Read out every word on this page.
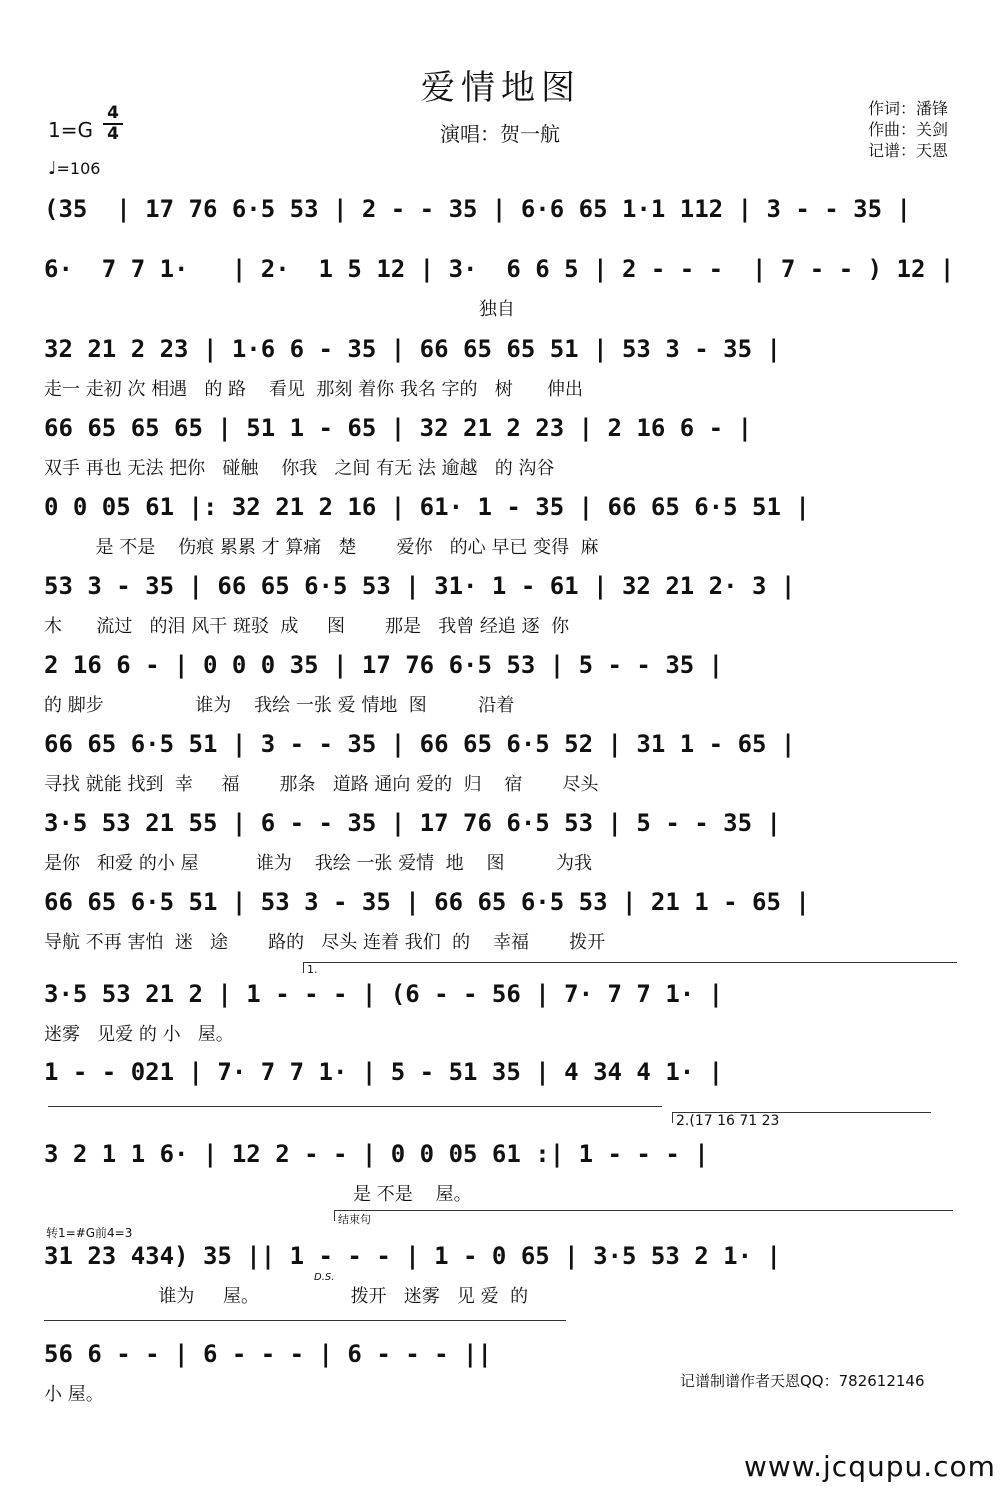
爱情地图
1=G
4
4
♩=106
演唱：贺一航
作词：潘锋
作曲：关剑
记谱：天恩
(35  | 17 76 6·5 53 | 2 - - 35 | 6·6 65 1·1 112 | 3 - - 35 |
6·  7 7 1·   | 2·  1 5 12 | 3·  6 6 5 | 2 - - -  | 7 - - ) 12 |
独自
32 21 2 23 | 1·6 6 - 35 | 66 65 65 51 | 53 3 - 35 |
走一 走初 次 相遇   的 路    看见  那刻 着你 我名 字的   树      伸出
66 65 65 65 | 51 1 - 65 | 32 21 2 23 | 2 16 6 - |
双手 再也 无法 把你   碰触    你我   之间 有无 法 逾越   的 沟谷
0 0 05 61 |: 32 21 2 16 | 61· 1 - 35 | 66 65 6·5 51 |
是 不是    伤痕 累累 才 算痛   楚       爱你   的心 早已 变得  麻
53 3 - 35 | 66 65 6·5 53 | 31· 1 - 61 | 32 21 2· 3 |
木      流过   的泪 风干 斑驳  成     图       那是   我曾 经追 逐  你
2 16 6 - | 0 0 0 35 | 17 76 6·5 53 | 5 - - 35 |
的 脚步                谁为    我绘 一张 爱 情地  图         沿着
66 65 6·5 51 | 3 - - 35 | 66 65 6·5 52 | 31 1 - 65 |
寻找 就能 找到  幸     福       那条   道路 通向 爱的  归    宿       尽头
3·5 53 21 55 | 6 - - 35 | 17 76 6·5 53 | 5 - - 35 |
是你   和爱 的小 屋          谁为    我绘 一张 爱情  地    图         为我
66 65 6·5 51 | 53 3 - 35 | 66 65 6·5 53 | 21 1 - 65 |
导航 不再 害怕  迷   途       路的   尽头 连着 我们  的    幸福       拨开
3·5 53 21 2 | 1 - - - | (6 - - 56 | 7· 7 7 1· |
迷雾   见爱 的 小   屋。
1 - - 021 | 7· 7 7 1· | 5 - 51 35 | 4 34 4 1· |
3 2 1 1 6· | 12 2 - - | 0 0 05 61 :| 1 - - - |
是 不是    屋。
31 23 434) 35 || 1 - - - | 1 - 0 65 | 3·5 53 2 1· |
谁为     屋。                拨开   迷雾   见 爱  的
56 6 - - | 6 - - - | 6 - - - ||
小 屋。
1.
2.(17 16 71 23
转1=#G前4=3
结束句
D.S.
记谱制谱作者天恩QQ：782612146
www.jcqupu.com
